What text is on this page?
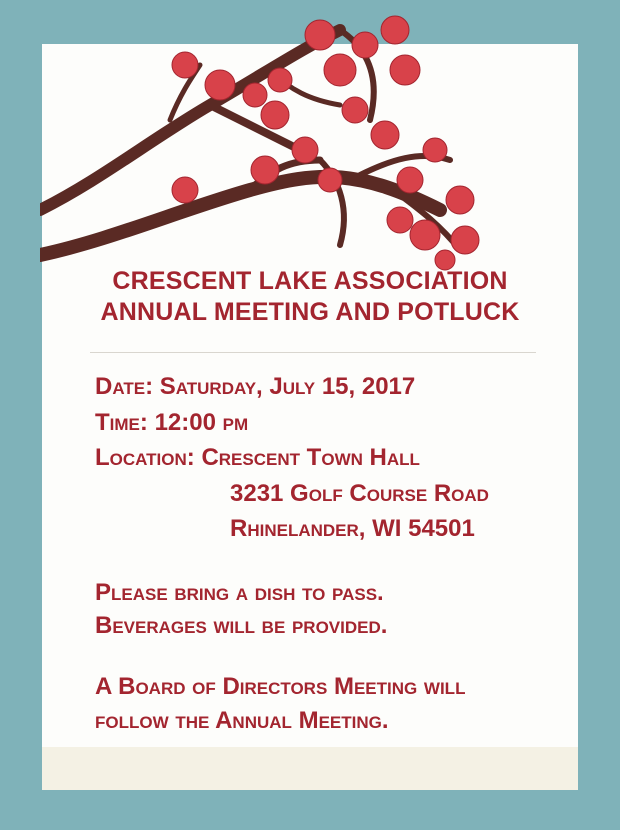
CRESCENT LAKE ASSOCIATION
ANNUAL MEETING AND POTLUCK
Date: Saturday, July 15, 2017
Time: 12:00 pm
Location: Crescent Town Hall
3231 Golf Course Road
Rhinelander, WI 54501
Please bring a dish to pass.
Beverages will be provided.
A Board of Directors Meeting will
follow the Annual Meeting.
